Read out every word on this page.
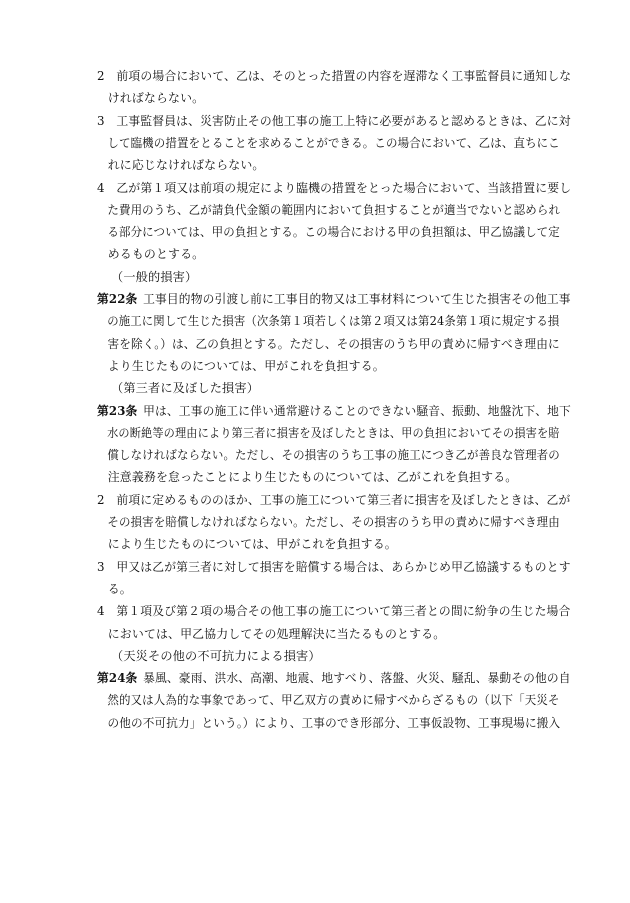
2 前項の場合において、乙は、そのとった措置の内容を遅滞なく工事監督員に通知しな
ければならない。
3 工事監督員は、災害防止その他工事の施工上特に必要があると認めるときは、乙に対
して臨機の措置をとることを求めることができる。この場合において、乙は、直ちにこ
れに応じなければならない。
4 乙が第１項又は前項の規定により臨機の措置をとった場合において、当該措置に要し
た費用のうち、乙が請負代金額の範囲内において負担することが適当でないと認められ
る部分については、甲の負担とする。この場合における甲の負担額は、甲乙協議して定
めるものとする。
（一般的損害）
第22条 工事目的物の引渡し前に工事目的物又は工事材料について生じた損害その他工事
の施工に関して生じた損害（次条第１項若しくは第２項又は第24条第１項に規定する損
害を除く。）は、乙の負担とする。ただし、その損害のうち甲の責めに帰すべき理由に
より生じたものについては、甲がこれを負担する。
（第三者に及ぼした損害）
第23条 甲は、工事の施工に伴い通常避けることのできない騒音、振動、地盤沈下、地下
水の断絶等の理由により第三者に損害を及ぼしたときは、甲の負担においてその損害を賠
償しなければならない。ただし、その損害のうち工事の施工につき乙が善良な管理者の
注意義務を怠ったことにより生じたものについては、乙がこれを負担する。
2 前項に定めるもののほか、工事の施工について第三者に損害を及ぼしたときは、乙が
その損害を賠償しなければならない。ただし、その損害のうち甲の責めに帰すべき理由
により生じたものについては、甲がこれを負担する。
3 甲又は乙が第三者に対して損害を賠償する場合は、あらかじめ甲乙協議するものとす
る。
4 第１項及び第２項の場合その他工事の施工について第三者との間に紛争の生じた場合
においては、甲乙協力してその処理解決に当たるものとする。
（天災その他の不可抗力による損害）
第24条 暴風、豪雨、洪水、高潮、地震、地すべり、落盤、火災、騒乱、暴動その他の自
然的又は人為的な事象であって、甲乙双方の責めに帰すべからざるもの（以下「天災そ
の他の不可抗力」という。）により、工事のでき形部分、工事仮設物、工事現場に搬入
